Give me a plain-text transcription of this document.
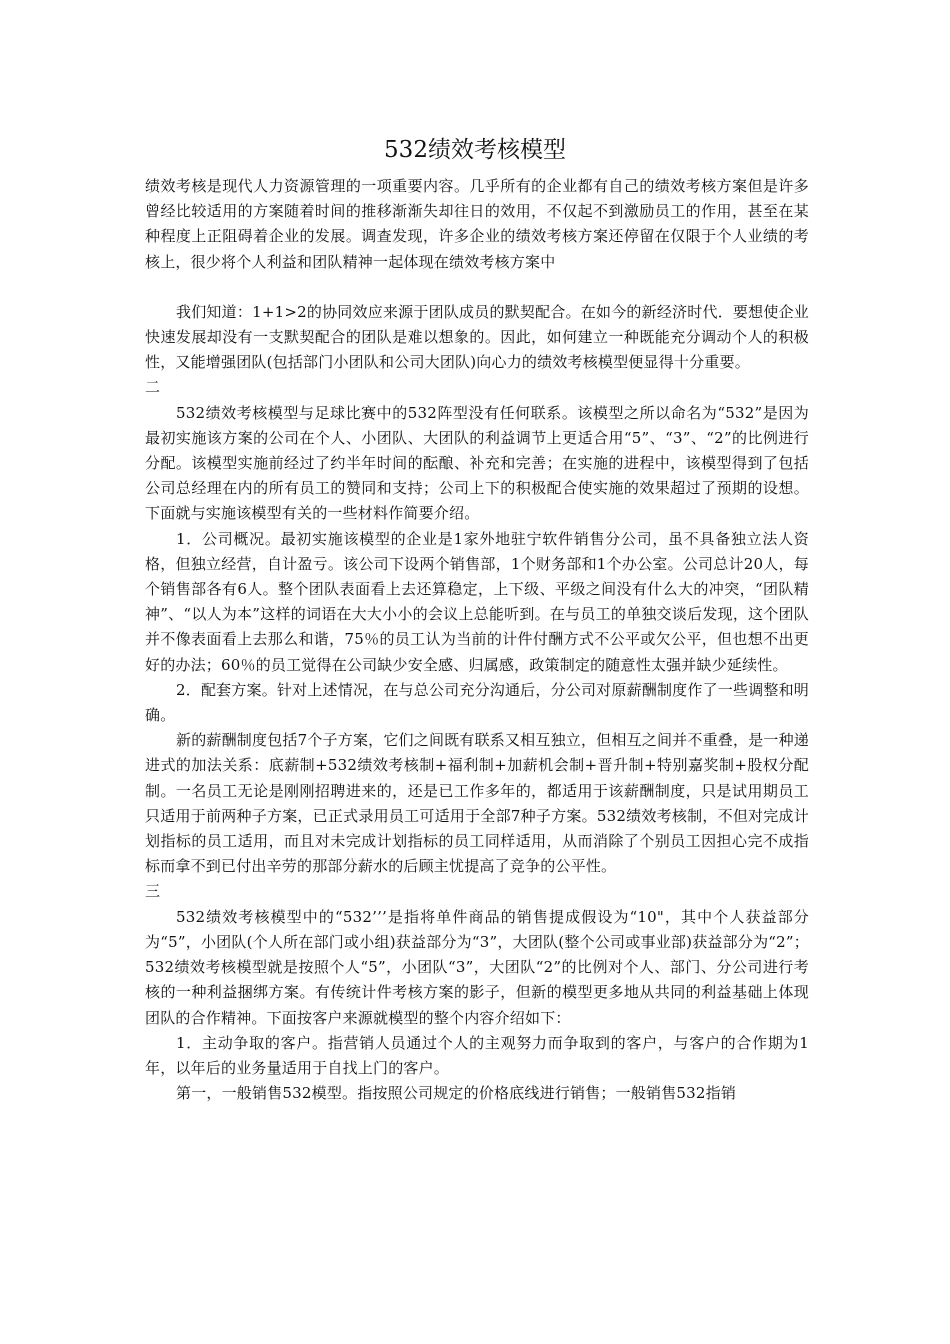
532绩效考核模型

绩效考核是现代人力资源管理的一项重要内容。几乎所有的企业都有自己的绩效考核方案但是许多曾经比较适用的方案随着时间的推移渐渐失却往日的效用，不仅起不到激励员工的作用，甚至在某种程度上正阻碍着企业的发展。调查发现，许多企业的绩效考核方案还停留在仅限于个人业绩的考核上，很少将个人利益和团队精神一起体现在绩效考核方案中

我们知道：1+1>2的协同效应来源于团队成员的默契配合。在如今的新经济时代．要想使企业快速发展却没有一支默契配合的团队是难以想象的。因此，如何建立一种既能充分调动个人的积极性，又能增强团队(包括部门小团队和公司大团队)向心力的绩效考核模型便显得十分重要。

二

532绩效考核模型与足球比赛中的532阵型没有任何联系。该模型之所以命名为“532”是因为最初实施该方案的公司在个人、小团队、大团队的利益调节上更适合用“5”、“3”、“2”的比例进行分配。该模型实施前经过了约半年时间的酝酿、补充和完善；在实施的进程中，该模型得到了包括公司总经理在内的所有员工的赞同和支持；公司上下的积极配合使实施的效果超过了预期的设想。下面就与实施该模型有关的一些材料作简要介绍。

1．公司概况。最初实施该模型的企业是1家外地驻宁软件销售分公司，虽不具备独立法人资格，但独立经营，自计盈亏。该公司下设两个销售部，1个财务部和1个办公室。公司总计20人，每个销售部各有6人。整个团队表面看上去还算稳定，上下级、平级之间没有什么大的冲突，“团队精神”、“以人为本”这样的词语在大大小小的会议上总能听到。在与员工的单独交谈后发现，这个团队并不像表面看上去那么和谐，75％的员工认为当前的计件付酬方式不公平或欠公平，但也想不出更好的办法；60％的员工觉得在公司缺少安全感、归属感，政策制定的随意性太强并缺少延续性。

2．配套方案。针对上述情况，在与总公司充分沟通后，分公司对原薪酬制度作了一些调整和明确。

新的薪酬制度包括7个子方案，它们之间既有联系又相互独立，但相互之间并不重叠，是一种递进式的加法关系：底薪制+532绩效考核制+福利制+加薪机会制+晋升制+特别嘉奖制+股权分配制。一名员工无论是刚刚招聘进来的，还是已工作多年的，都适用于该薪酬制度，只是试用期员工只适用于前两种子方案，已正式录用员工可适用于全部7种子方案。532绩效考核制，不但对完成计划指标的员工适用，而且对未完成计划指标的员工同样适用，从而消除了个别员工因担心完不成指标而拿不到已付出辛劳的那部分薪水的后顾主忧提高了竞争的公平性。

三

532绩效考核模型中的“532’’’是指将单件商品的销售提成假设为“10"，其中个人获益部分为“5”，小团队(个人所在部门或小组)获益部分为“3”，大团队(整个公司或事业部)获益部分为“2”；532绩效考核模型就是按照个人“5”，小团队“3”，大团队“2”的比例对个人、部门、分公司进行考核的一种利益捆绑方案。有传统计件考核方案的影子，但新的模型更多地从共同的利益基础上体现团队的合作精神。下面按客户来源就模型的整个内容介绍如下：

1．主动争取的客户。指营销人员通过个人的主观努力而争取到的客户，与客户的合作期为1年，以年后的业务量适用于自找上门的客户。

第一，一般销售532模型。指按照公司规定的价格底线进行销售；一般销售532指销
